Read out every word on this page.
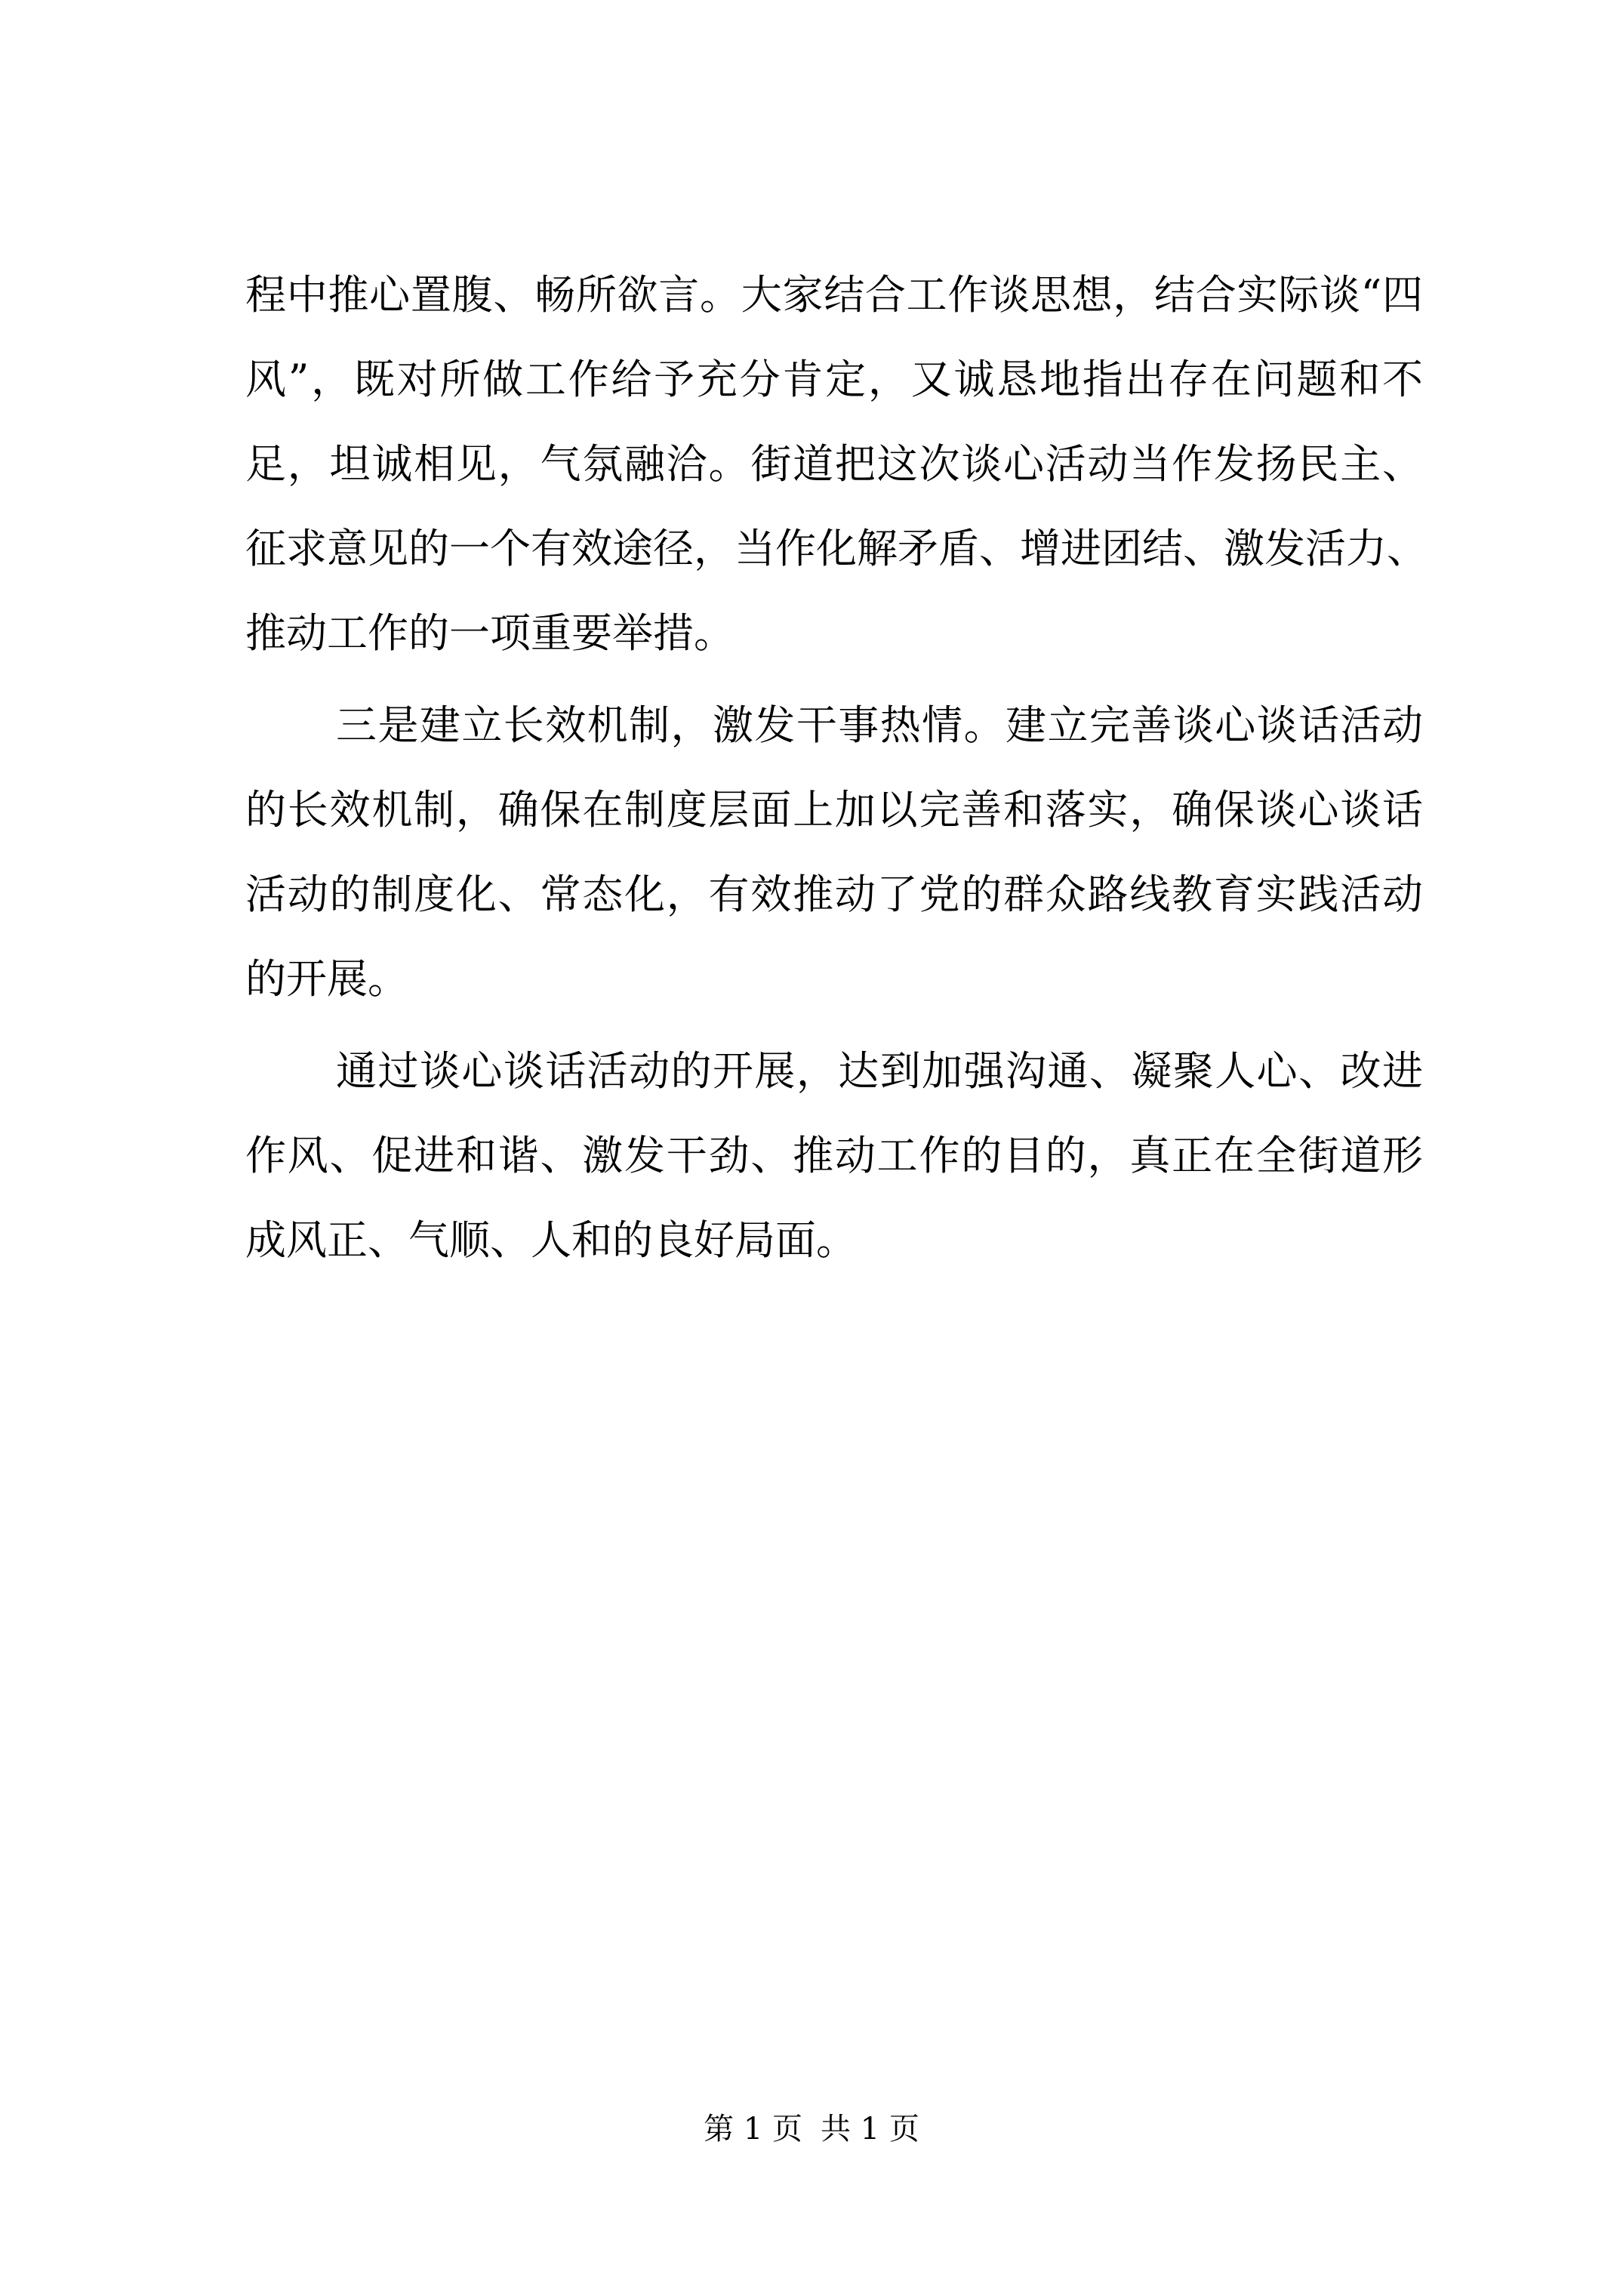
程中推心置腹、畅所欲言。大家结合工作谈思想，结合实际谈“四
风”，既对所做工作给予充分肯定，又诚恳地指出存在问题和不
足，坦诚相见，气氛融洽。街道把这次谈心活动当作发扬民主、
征求意见的一个有效途径，当作化解矛盾、增进团结、激发活力、
推动工作的一项重要举措。
三是建立长效机制，激发干事热情。建立完善谈心谈话活动
的长效机制，确保在制度层面上加以完善和落实，确保谈心谈话
活动的制度化、常态化，有效推动了党的群众路线教育实践活动
的开展。
通过谈心谈话活动的开展，达到加强沟通、凝聚人心、改进
作风、促进和谐、激发干劲、推动工作的目的，真正在全街道形
成风正、气顺、人和的良好局面。
第 1 页 共 1 页
